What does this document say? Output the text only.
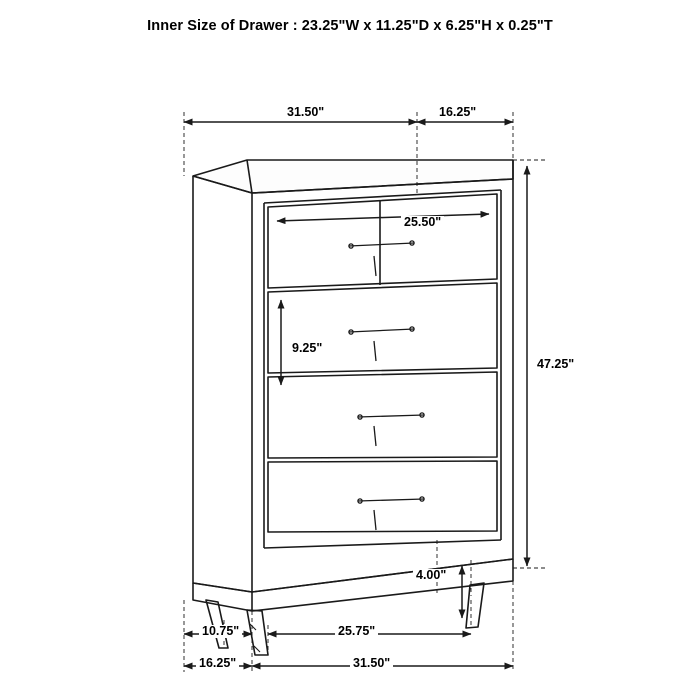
Inner Size of Drawer : 23.25"W x 11.25"D x 6.25"H x 0.25"T
31.50"	16.25"
25.50"
9.25"
47.25"
4.00"
10.75"
16.25"
25.75"
31.50"
